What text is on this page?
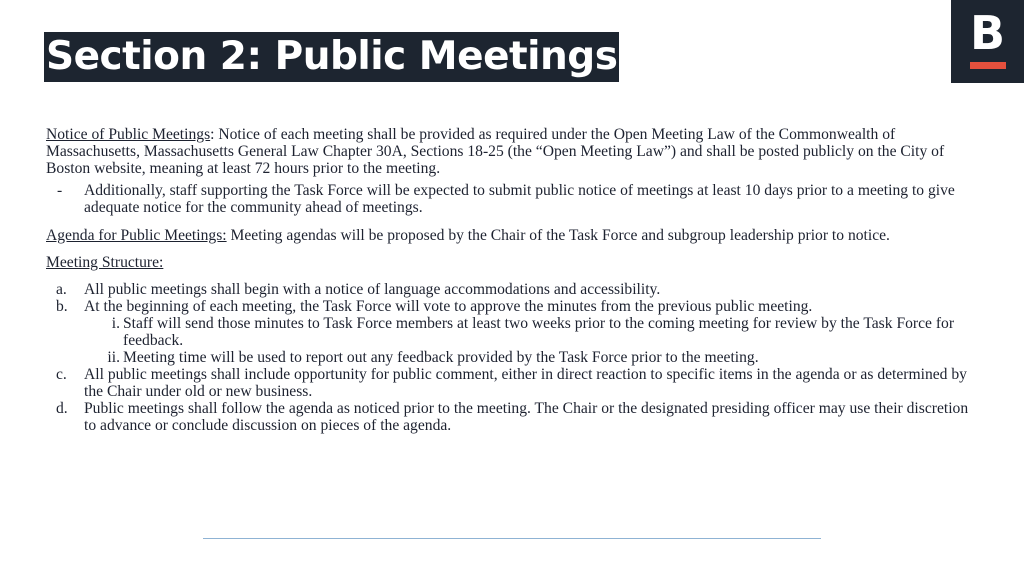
Section 2: Public Meetings	B

Notice of Public Meetings: Notice of each meeting shall be provided as required under the Open Meeting Law of the Commonwealth of Massachusetts, Massachusetts General Law Chapter 30A, Sections 18-25 (the “Open Meeting Law”) and shall be posted publicly on the City of Boston website, meaning at least 72 hours prior to the meeting.

- Additionally, staff supporting the Task Force will be expected to submit public notice of meetings at least 10 days prior to a meeting to give adequate notice for the community ahead of meetings.

Agenda for Public Meetings: Meeting agendas will be proposed by the Chair of the Task Force and subgroup leadership prior to notice.

Meeting Structure:

a. All public meetings shall begin with a notice of language accommodations and accessibility.
b. At the beginning of each meeting, the Task Force will vote to approve the minutes from the previous public meeting.
i. Staff will send those minutes to Task Force members at least two weeks prior to the coming meeting for review by the Task Force for feedback.
ii. Meeting time will be used to report out any feedback provided by the Task Force prior to the meeting.
c. All public meetings shall include opportunity for public comment, either in direct reaction to specific items in the agenda or as determined by the Chair under old or new business.
d. Public meetings shall follow the agenda as noticed prior to the meeting. The Chair or the designated presiding officer may use their discretion to advance or conclude discussion on pieces of the agenda.
